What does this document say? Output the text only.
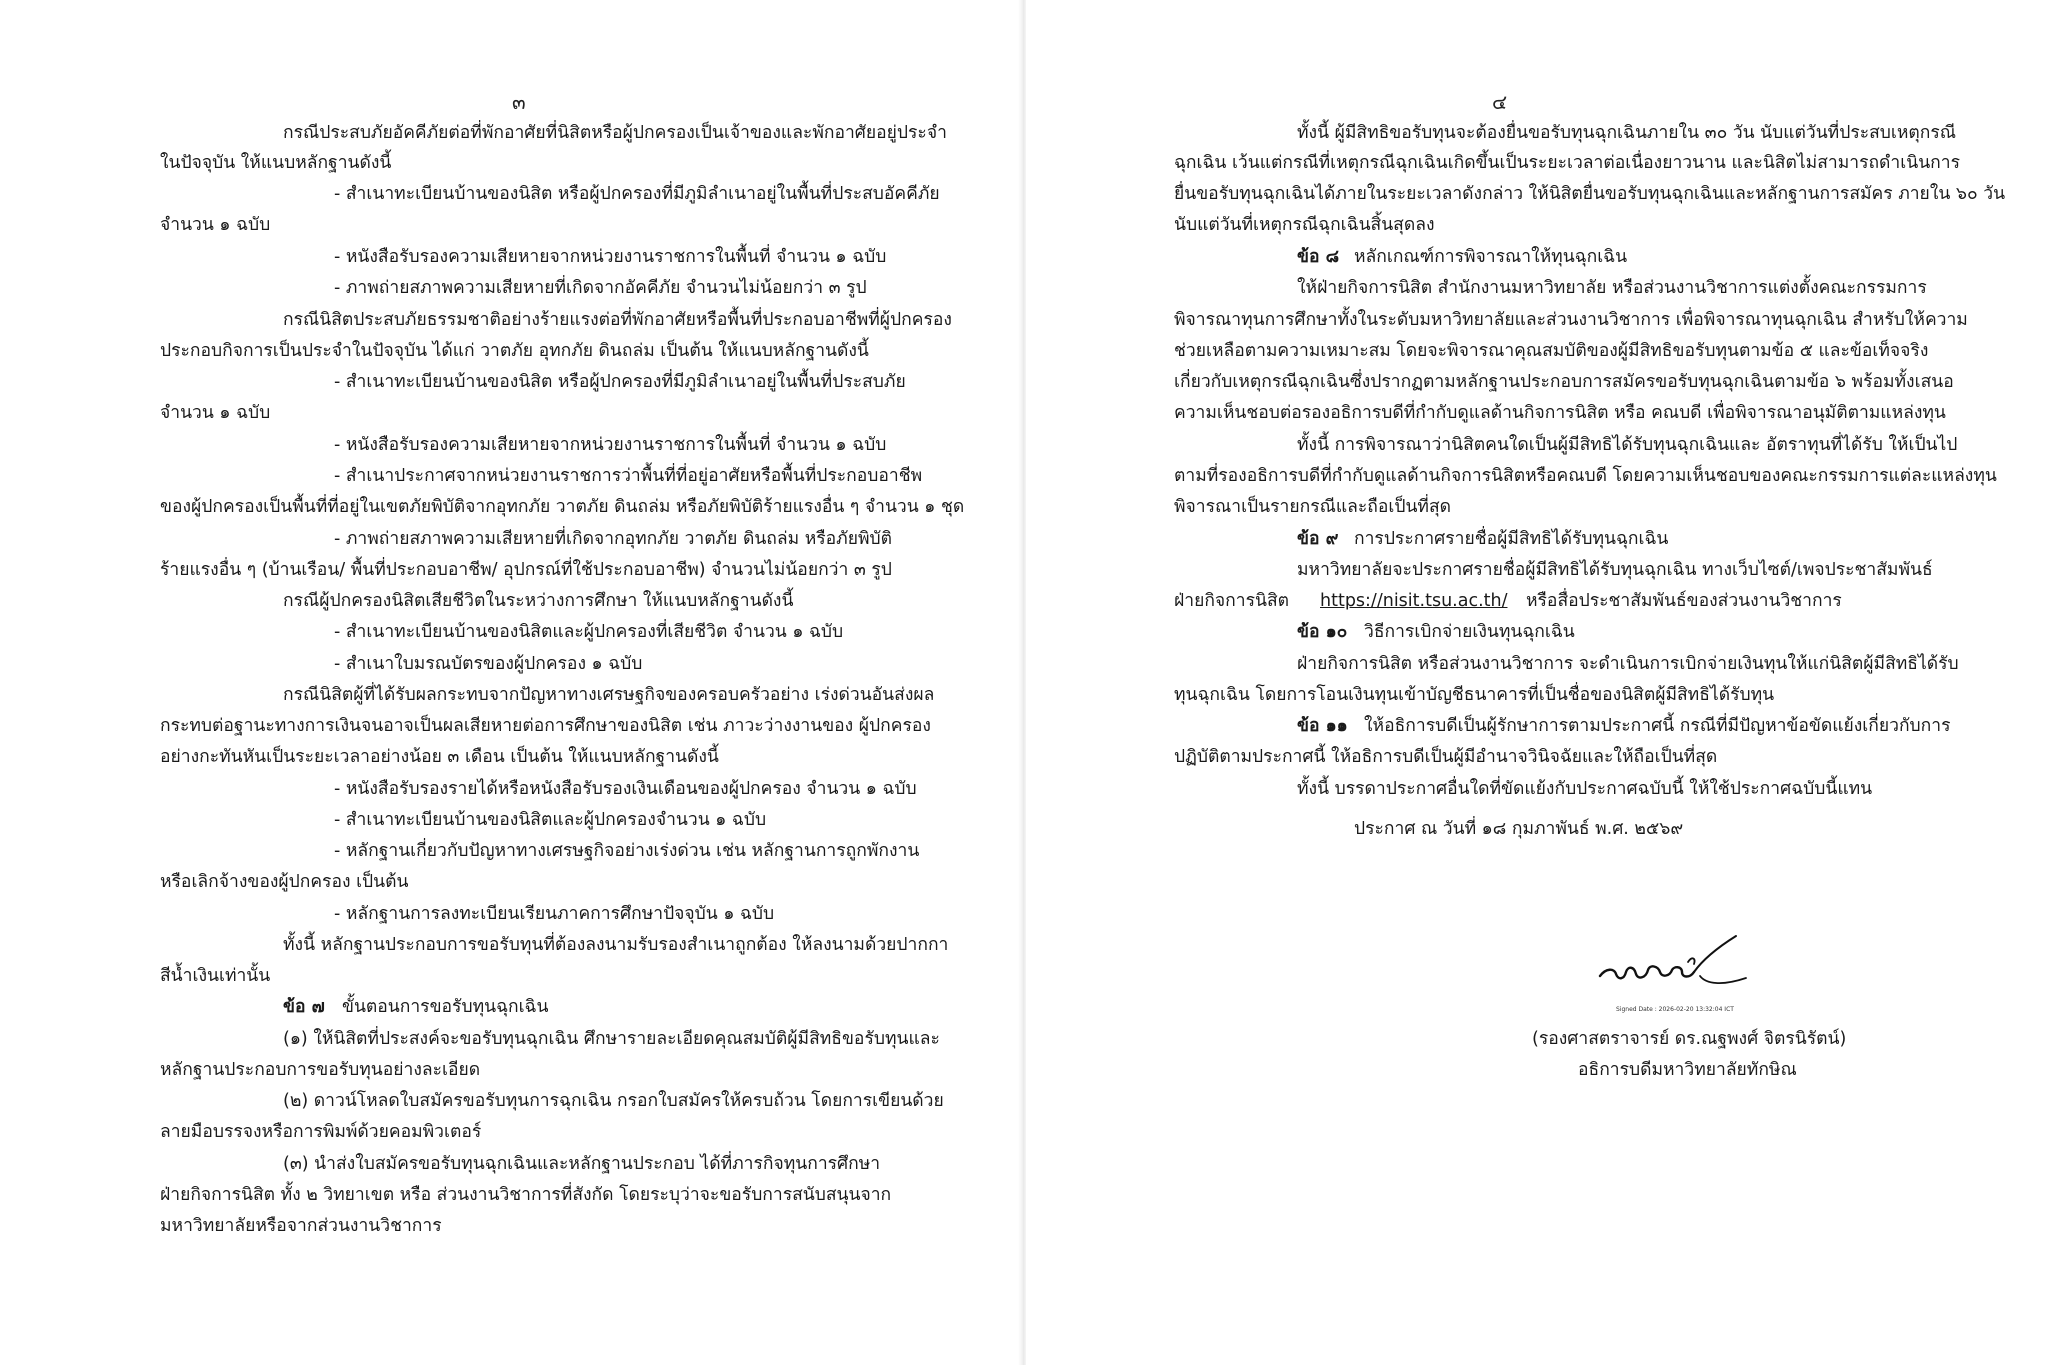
๓
กรณีประสบภัยอัคคีภัยต่อที่พักอาศัยที่นิสิตหรือผู้ปกครองเป็นเจ้าของและพักอาศัยอยู่ประจำ
ในปัจจุบัน ให้แนบหลักฐานดังนี้
- สำเนาทะเบียนบ้านของนิสิต หรือผู้ปกครองที่มีภูมิลำเนาอยู่ในพื้นที่ประสบอัคคีภัย
จำนวน ๑ ฉบับ
- หนังสือรับรองความเสียหายจากหน่วยงานราชการในพื้นที่ จำนวน ๑ ฉบับ
- ภาพถ่ายสภาพความเสียหายที่เกิดจากอัคคีภัย จำนวนไม่น้อยกว่า ๓ รูป
กรณีนิสิตประสบภัยธรรมชาติอย่างร้ายแรงต่อที่พักอาศัยหรือพื้นที่ประกอบอาชีพที่ผู้ปกครอง
ประกอบกิจการเป็นประจำในปัจจุบัน ได้แก่ วาตภัย อุทกภัย ดินถล่ม เป็นต้น ให้แนบหลักฐานดังนี้
- สำเนาทะเบียนบ้านของนิสิต หรือผู้ปกครองที่มีภูมิลำเนาอยู่ในพื้นที่ประสบภัย
จำนวน ๑ ฉบับ
- หนังสือรับรองความเสียหายจากหน่วยงานราชการในพื้นที่ จำนวน ๑ ฉบับ
- สำเนาประกาศจากหน่วยงานราชการว่าพื้นที่ที่อยู่อาศัยหรือพื้นที่ประกอบอาชีพ
ของผู้ปกครองเป็นพื้นที่ที่อยู่ในเขตภัยพิบัติจากอุทกภัย วาตภัย ดินถล่ม หรือภัยพิบัติร้ายแรงอื่น ๆ จำนวน ๑ ชุด
- ภาพถ่ายสภาพความเสียหายที่เกิดจากอุทกภัย วาตภัย ดินถล่ม หรือภัยพิบัติ
ร้ายแรงอื่น ๆ (บ้านเรือน/ พื้นที่ประกอบอาชีพ/ อุปกรณ์ที่ใช้ประกอบอาชีพ) จำนวนไม่น้อยกว่า ๓ รูป
กรณีผู้ปกครองนิสิตเสียชีวิตในระหว่างการศึกษา ให้แนบหลักฐานดังนี้
- สำเนาทะเบียนบ้านของนิสิตและผู้ปกครองที่เสียชีวิต จำนวน ๑ ฉบับ
- สำเนาใบมรณบัตรของผู้ปกครอง ๑ ฉบับ
กรณีนิสิตผู้ที่ได้รับผลกระทบจากปัญหาทางเศรษฐกิจของครอบครัวอย่าง เร่งด่วนอันส่งผล
กระทบต่อฐานะทางการเงินจนอาจเป็นผลเสียหายต่อการศึกษาของนิสิต เช่น ภาวะว่างงานของ ผู้ปกครอง
อย่างกะทันหันเป็นระยะเวลาอย่างน้อย ๓ เดือน เป็นต้น ให้แนบหลักฐานดังนี้
- หนังสือรับรองรายได้หรือหนังสือรับรองเงินเดือนของผู้ปกครอง จำนวน ๑ ฉบับ
- สำเนาทะเบียนบ้านของนิสิตและผู้ปกครองจำนวน ๑ ฉบับ
- หลักฐานเกี่ยวกับปัญหาทางเศรษฐกิจอย่างเร่งด่วน เช่น หลักฐานการถูกพักงาน
หรือเลิกจ้างของผู้ปกครอง เป็นต้น
- หลักฐานการลงทะเบียนเรียนภาคการศึกษาปัจจุบัน ๑ ฉบับ
ทั้งนี้ หลักฐานประกอบการขอรับทุนที่ต้องลงนามรับรองสำเนาถูกต้อง ให้ลงนามด้วยปากกา
สีน้ำเงินเท่านั้น
ข้อ ๗ ขั้นตอนการขอรับทุนฉุกเฉิน
(๑) ให้นิสิตที่ประสงค์จะขอรับทุนฉุกเฉิน ศึกษารายละเอียดคุณสมบัติผู้มีสิทธิขอรับทุนและ
หลักฐานประกอบการขอรับทุนอย่างละเอียด
(๒) ดาวน์โหลดใบสมัครขอรับทุนการฉุกเฉิน กรอกใบสมัครให้ครบถ้วน โดยการเขียนด้วย
ลายมือบรรจงหรือการพิมพ์ด้วยคอมพิวเตอร์
(๓) นำส่งใบสมัครขอรับทุนฉุกเฉินและหลักฐานประกอบ ได้ที่ภารกิจทุนการศึกษา
ฝ่ายกิจการนิสิต ทั้ง ๒ วิทยาเขต หรือ ส่วนงานวิชาการที่สังกัด โดยระบุว่าจะขอรับการสนับสนุนจาก
มหาวิทยาลัยหรือจากส่วนงานวิชาการ
๔
ทั้งนี้ ผู้มีสิทธิขอรับทุนจะต้องยื่นขอรับทุนฉุกเฉินภายใน ๓๐ วัน นับแต่วันที่ประสบเหตุกรณี
ฉุกเฉิน เว้นแต่กรณีที่เหตุกรณีฉุกเฉินเกิดขึ้นเป็นระยะเวลาต่อเนื่องยาวนาน และนิสิตไม่สามารถดำเนินการ
ยื่นขอรับทุนฉุกเฉินได้ภายในระยะเวลาดังกล่าว ให้นิสิตยื่นขอรับทุนฉุกเฉินและหลักฐานการสมัคร ภายใน ๖๐ วัน
นับแต่วันที่เหตุกรณีฉุกเฉินสิ้นสุดลง
ข้อ ๘ หลักเกณฑ์การพิจารณาให้ทุนฉุกเฉิน
ให้ฝ่ายกิจการนิสิต สำนักงานมหาวิทยาลัย หรือส่วนงานวิชาการแต่งตั้งคณะกรรมการ
พิจารณาทุนการศึกษาทั้งในระดับมหาวิทยาลัยและส่วนงานวิชาการ เพื่อพิจารณาทุนฉุกเฉิน สำหรับให้ความ
ช่วยเหลือตามความเหมาะสม โดยจะพิจารณาคุณสมบัติของผู้มีสิทธิขอรับทุนตามข้อ ๕ และข้อเท็จจริง
เกี่ยวกับเหตุกรณีฉุกเฉินซึ่งปรากฏตามหลักฐานประกอบการสมัครขอรับทุนฉุกเฉินตามข้อ ๖ พร้อมทั้งเสนอ
ความเห็นชอบต่อรองอธิการบดีที่กำกับดูแลด้านกิจการนิสิต หรือ คณบดี เพื่อพิจารณาอนุมัติตามแหล่งทุน
ทั้งนี้ การพิจารณาว่านิสิตคนใดเป็นผู้มีสิทธิได้รับทุนฉุกเฉินและ อัตราทุนที่ได้รับ ให้เป็นไป
ตามที่รองอธิการบดีที่กำกับดูแลด้านกิจการนิสิตหรือคณบดี โดยความเห็นชอบของคณะกรรมการแต่ละแหล่งทุน
พิจารณาเป็นรายกรณีและถือเป็นที่สุด
ข้อ ๙ การประกาศรายชื่อผู้มีสิทธิได้รับทุนฉุกเฉิน
มหาวิทยาลัยจะประกาศรายชื่อผู้มีสิทธิได้รับทุนฉุกเฉิน ทางเว็บไซต์/เพจประชาสัมพันธ์
ฝ่ายกิจการนิสิต https://nisit.tsu.ac.th/ หรือสื่อประชาสัมพันธ์ของส่วนงานวิชาการ
ข้อ ๑๐ วิธีการเบิกจ่ายเงินทุนฉุกเฉิน
ฝ่ายกิจการนิสิต หรือส่วนงานวิชาการ จะดำเนินการเบิกจ่ายเงินทุนให้แก่นิสิตผู้มีสิทธิได้รับ
ทุนฉุกเฉิน โดยการโอนเงินทุนเข้าบัญชีธนาคารที่เป็นชื่อของนิสิตผู้มีสิทธิได้รับทุน
ข้อ ๑๑ ให้อธิการบดีเป็นผู้รักษาการตามประกาศนี้ กรณีที่มีปัญหาข้อขัดแย้งเกี่ยวกับการ
ปฏิบัติตามประกาศนี้ ให้อธิการบดีเป็นผู้มีอำนาจวินิจฉัยและให้ถือเป็นที่สุด
ทั้งนี้ บรรดาประกาศอื่นใดที่ขัดแย้งกับประกาศฉบับนี้ ให้ใช้ประกาศฉบับนี้แทน
ประกาศ ณ วันที่ ๑๘ กุมภาพันธ์ พ.ศ. ๒๕๖๙
Signed Date : 2026-02-20 13:32:04 ICT
(รองศาสตราจารย์ ดร.ณฐพงศ์ จิตรนิรัตน์)
อธิการบดีมหาวิทยาลัยทักษิณ
